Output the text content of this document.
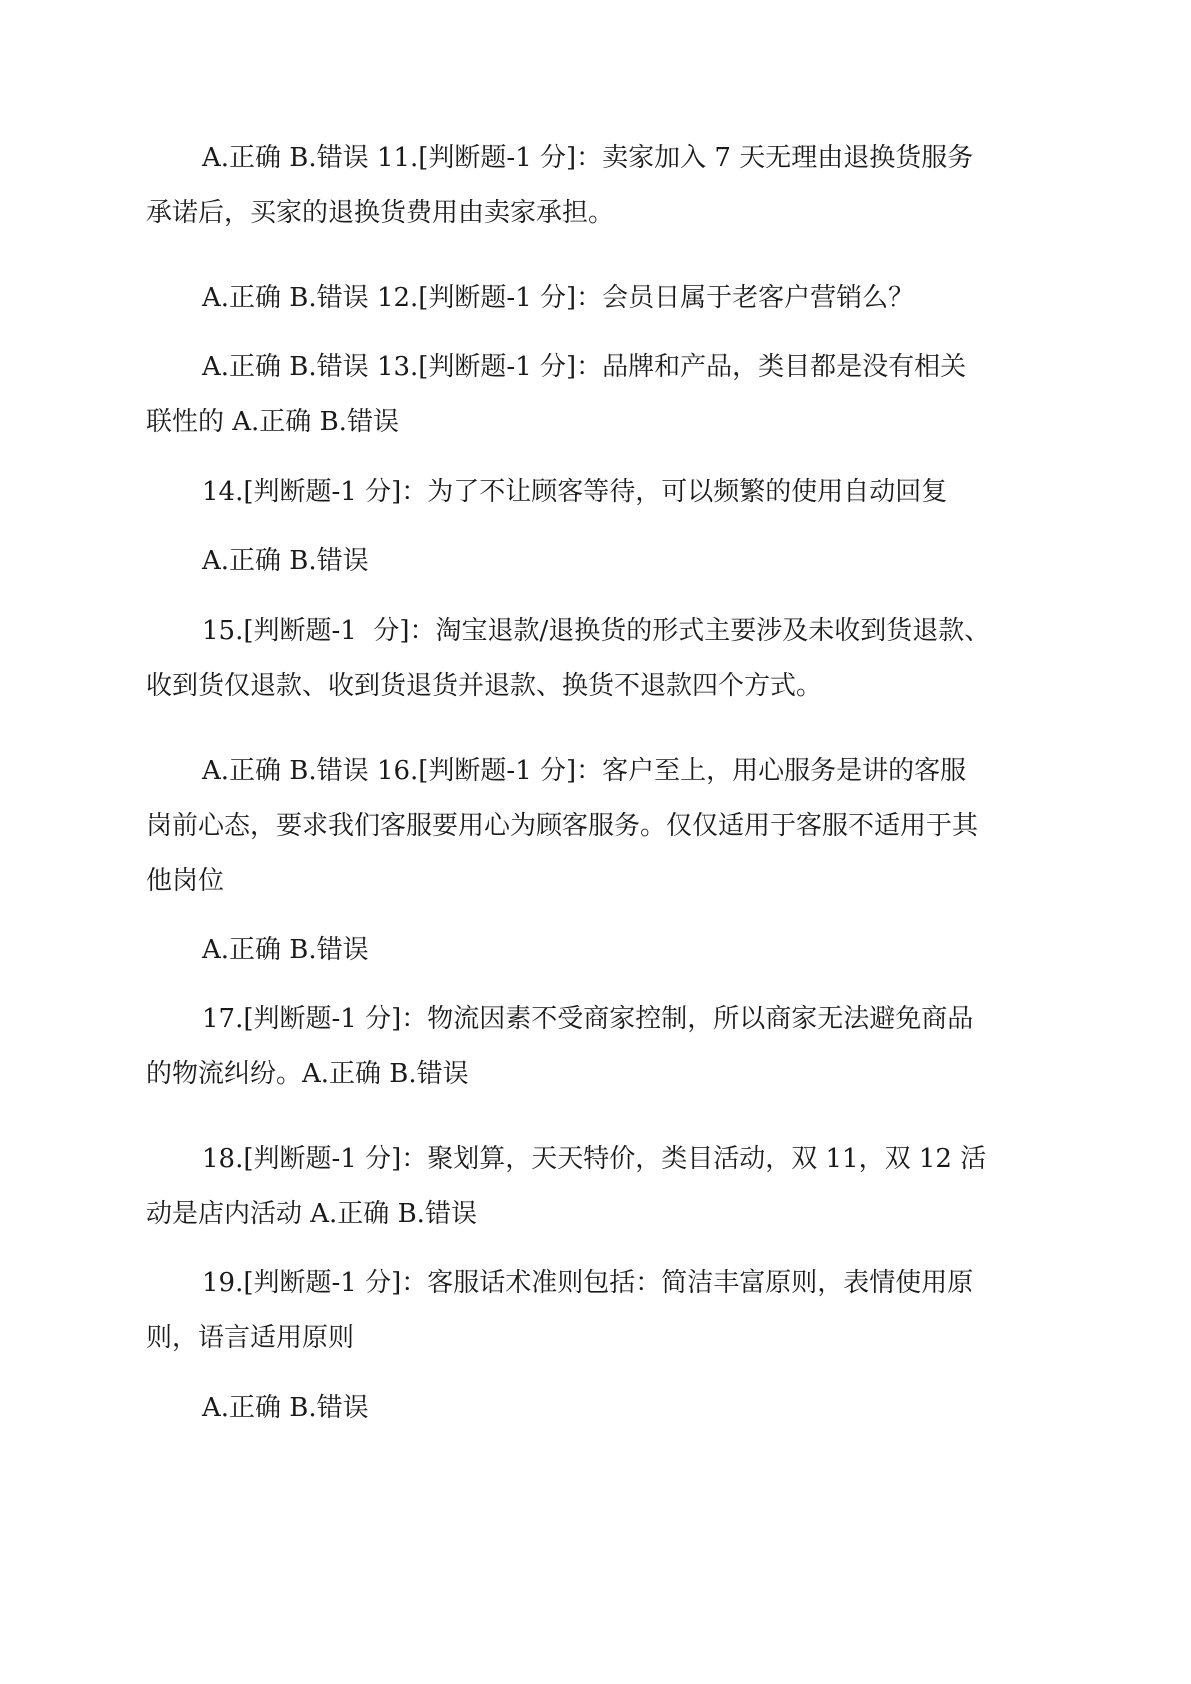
A.正确 B.错误 11.[判断题-1 分]：卖家加入 7 天无理由退换货服务
承诺后，买家的退换货费用由卖家承担。
A.正确 B.错误 12.[判断题-1 分]：会员日属于老客户营销么？
A.正确 B.错误 13.[判断题-1 分]：品牌和产品，类目都是没有相关
联性的 A.正确 B.错误
14.[判断题-1 分]：为了不让顾客等待，可以频繁的使用自动回复
A.正确 B.错误
15.[判断题-1  分]：淘宝退款/退换货的形式主要涉及未收到货退款、
收到货仅退款、收到货退货并退款、换货不退款四个方式。
A.正确 B.错误 16.[判断题-1 分]：客户至上，用心服务是讲的客服
岗前心态，要求我们客服要用心为顾客服务。仅仅适用于客服不适用于其
他岗位
A.正确 B.错误
17.[判断题-1 分]：物流因素不受商家控制，所以商家无法避免商品
的物流纠纷。A.正确 B.错误
18.[判断题-1 分]：聚划算，天天特价，类目活动，双 11，双 12 活
动是店内活动 A.正确 B.错误
19.[判断题-1 分]：客服话术准则包括：简洁丰富原则，表情使用原
则，语言适用原则
A.正确 B.错误
